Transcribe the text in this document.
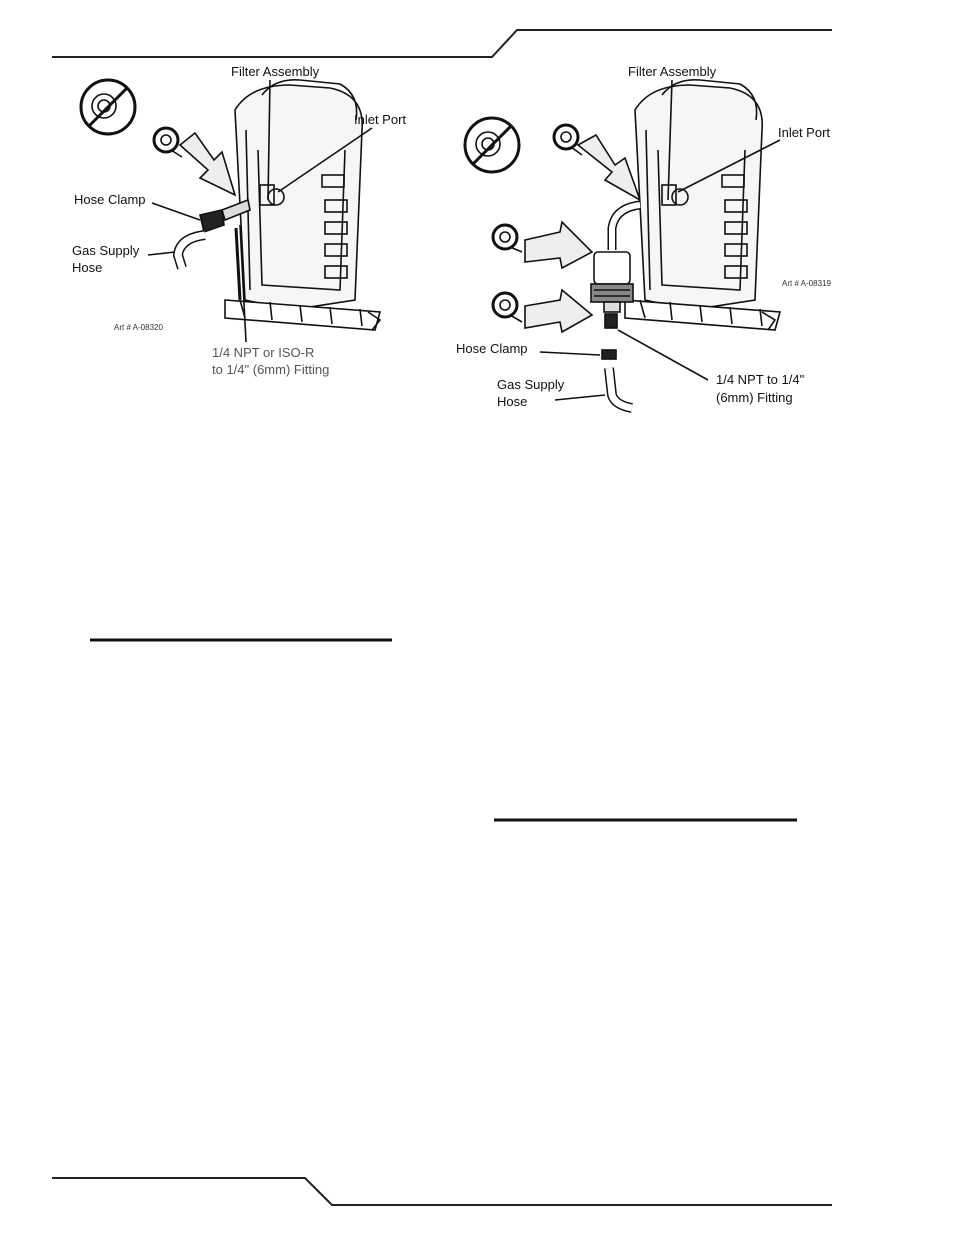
Filter Assembly
Inlet Port
Hose Clamp
Gas Supply
Hose
Art # A-08320
1/4 NPT or ISO-R
to 1/4" (6mm) Fitting
Filter Assembly
Inlet Port
Art # A-08319
Hose Clamp
Gas Supply
Hose
1/4 NPT to 1/4"
(6mm) Fitting
